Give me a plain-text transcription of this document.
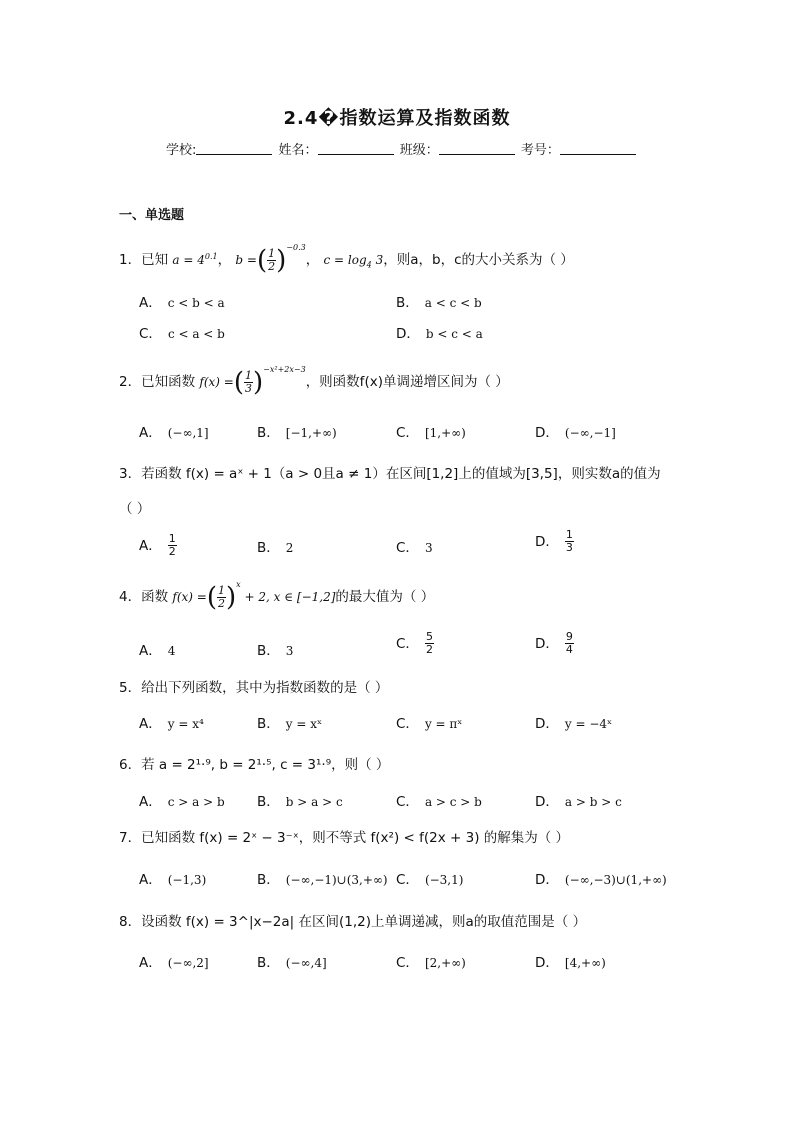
2.4�指数运算及指数函数
学校:	姓名：	班级：	考号：
一、单选题
1．已知 $a = 4^{0.1}$， b =( $\frac{1}{2} )^{-0.3}$， $c = \log_4 3$，则a，b，c的大小关系为（ ）
A． c < b < a	B． a < c < b
C． c < a < b	D． b < c < a
2．已知函数 f(x) =( $\frac{1}{3} )^{-x^2+2x-3}$，则函数f(x)单调递增区间为（ ）
A． (−∞,1]	B． [−1,+∞)	C． [1,+∞)	D． (−∞,−1]
3．若函数 f(x) = aˣ + 1（a > 0且a ≠ 1）在区间[1,2]上的值域为[3,5]，则实数a的值为
（ ）
A． $\frac{1}{2}$	B． 2	C． 3	D． $\frac{1}{3}$
4．函数 f(x) =( $\frac{1}{2} )^x + 2$, x ∈ [−1,2]的最大值为（ ）
A． 4	B． 3	C． $\frac{5}{2}$	D． $\frac{9}{4}$
5．给出下列函数，其中为指数函数的是（ ）
A． y = x⁴	B． y = xˣ	C． y = πˣ	D． y = −4ˣ
6．若 a = 2¹·⁹, b = 2¹·⁵, c = 3¹·⁹，则（ ）
A． c > a > b B． b > a > c	C． a > c > b	D． a > b > c
7．已知函数 f(x) = 2ˣ − 3⁻ˣ，则不等式 f(x²) < f(2x + 3) 的解集为（ ）
A． (−1,3)	B． (−∞,−1)∪(3,+∞) C． (−3,1)	D． (−∞,−3)∪(1,+∞)
8．设函数 f(x) = 3^|x−2a| 在区间(1,2)上单调递减，则a的取值范围是（ ）
A． (−∞,2]	B． (−∞,4]	C． [2,+∞)	D． [4,+∞)
